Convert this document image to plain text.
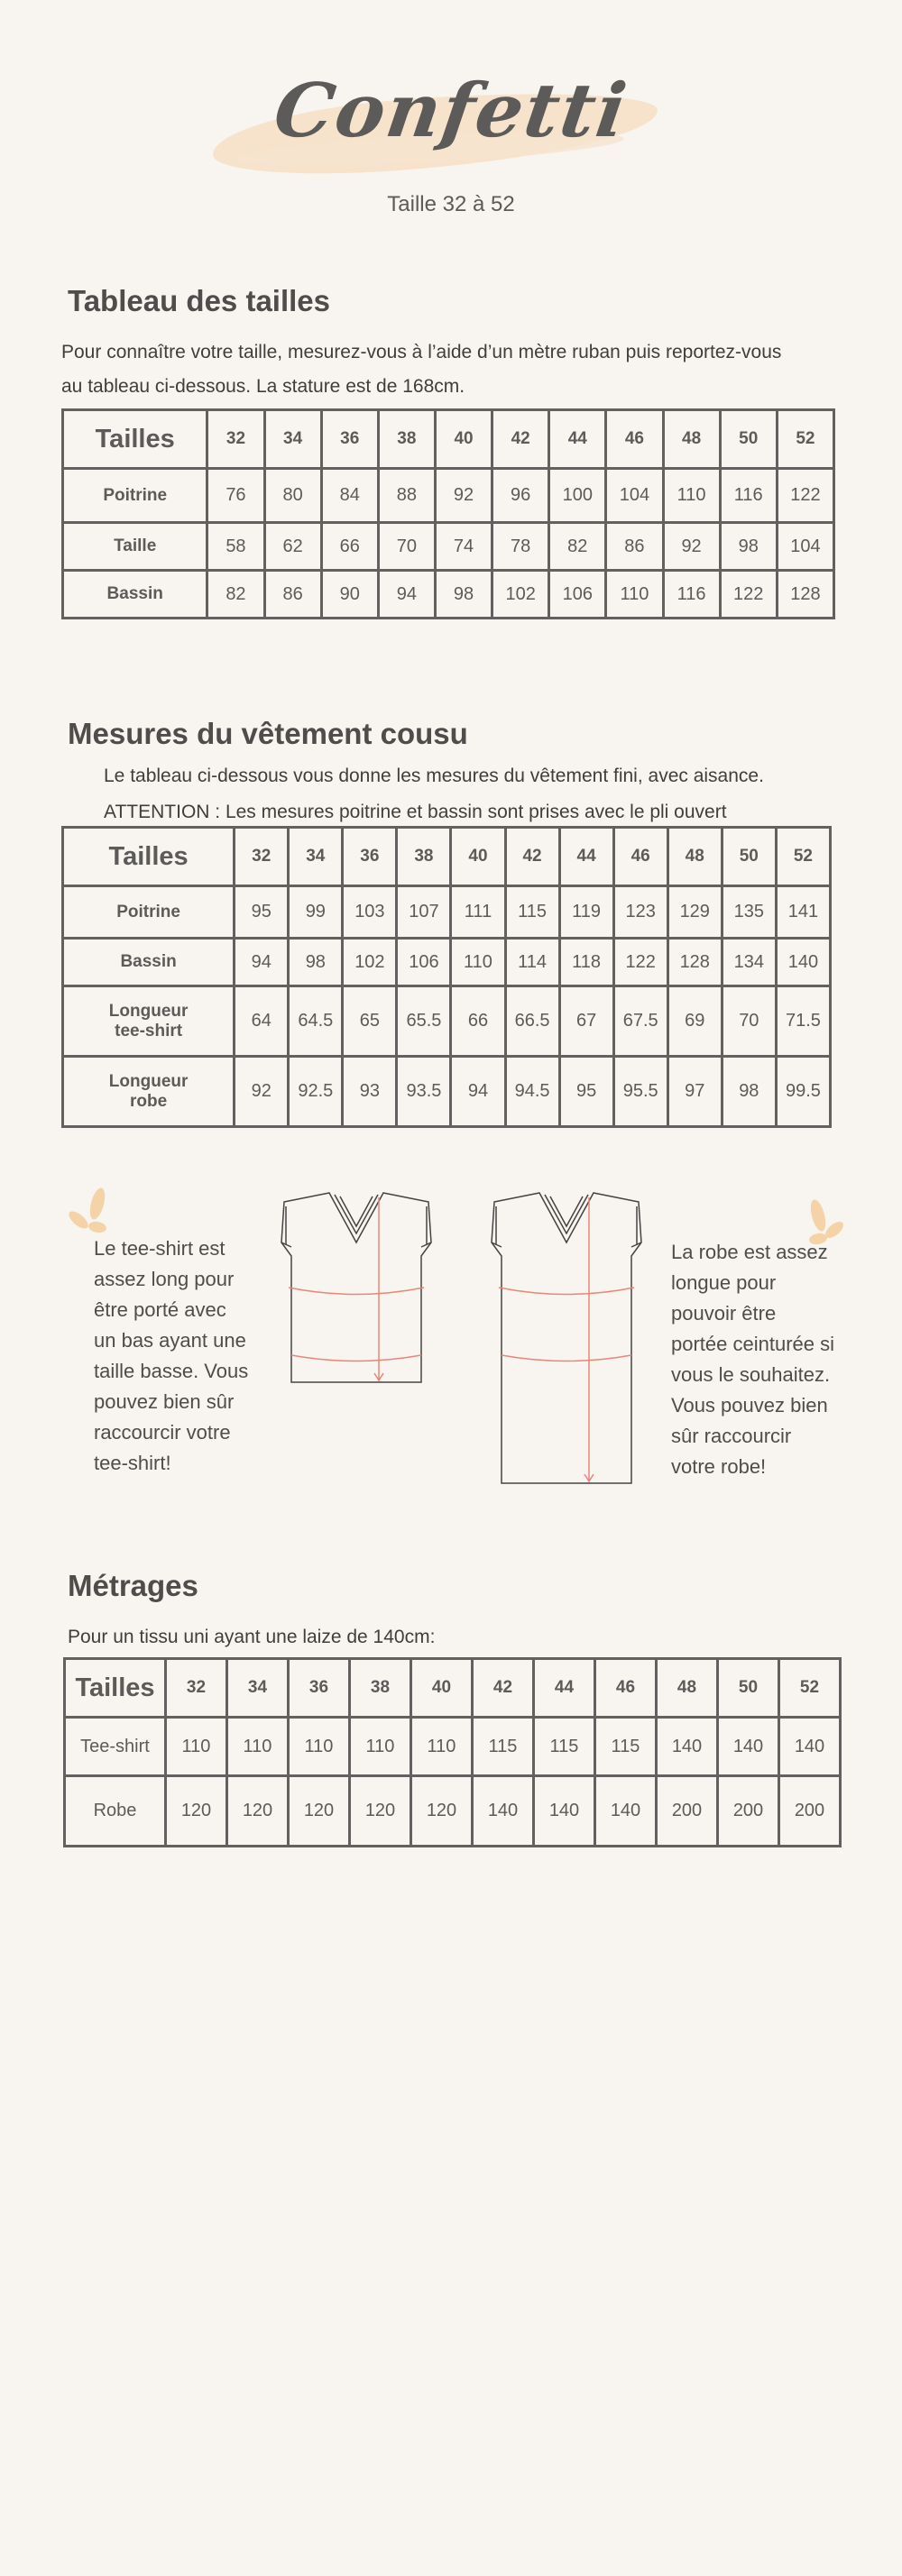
Confetti
Taille 32 à 52
Tableau des tailles
Pour connaître votre taille, mesurez-vous à l’aide d’un mètre ruban puis reportez-vous
au tableau ci-dessous. La stature est de 168cm.
Tailles	32	34	36	38	40	42	44	46	48	50	52
Poitrine	76	80	84	88	92	96	100	104	110	116	122
Taille	58	62	66	70	74	78	82	86	92	98	104
Bassin	82	86	90	94	98	102	106	110	116	122	128
Mesures du vêtement cousu
Le tableau ci-dessous vous donne les mesures du vêtement fini, avec aisance.
ATTENTION : Les mesures poitrine et bassin sont prises avec le pli ouvert
Tailles	32	34	36	38	40	42	44	46	48	50	52
Poitrine	95	99	103	107	111	115	119	123	129	135	141
Bassin	94	98	102	106	110	114	118	122	128	134	140

Longueur
tee-shirt	64	64.5	65	65.5	66	66.5	67	67.5	69	70	71.5

Longueur
robe	92	92.5	93	93.5	94	94.5	95	95.5	97	98	99.5
Le tee-shirt est
assez long pour
être porté avec
un bas ayant une
taille basse. Vous
pouvez bien sûr
raccourcir votre
tee-shirt!
La robe est assez
longue pour
pouvoir être
portée ceinturée si
vous le souhaitez.
Vous pouvez bien
sûr raccourcir
votre robe!
Métrages
Pour un tissu uni ayant une laize de 140cm:
Tailles	32	34	36	38	40	42	44	46	48	50	52
Tee-shirt	110	110	110	110	110	115	115	115	140	140	140
Robe	120	120	120	120	120	140	140	140	200	200	200
